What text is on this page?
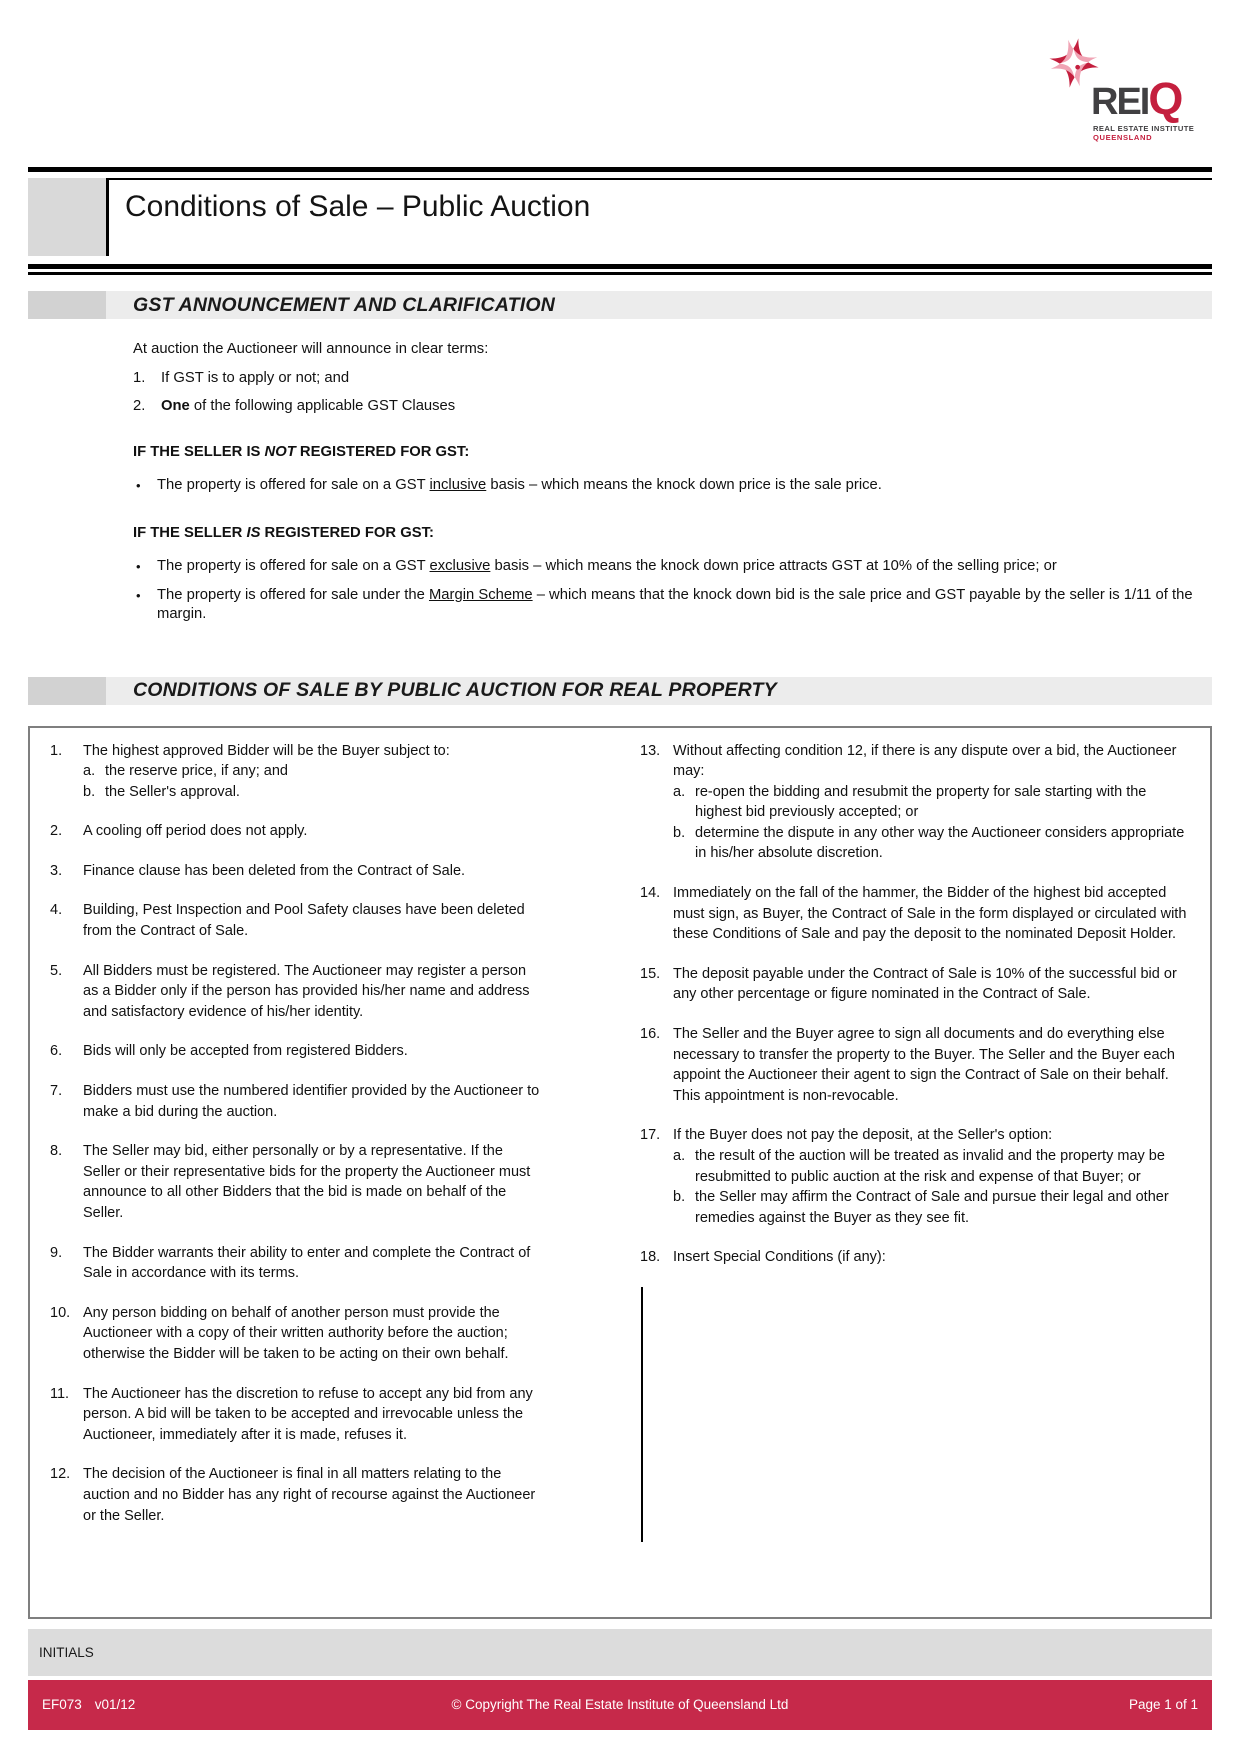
REIQ
REAL ESTATE INSTITUTE
QUEENSLAND
Conditions of Sale – Public Auction
GST ANNOUNCEMENT AND CLARIFICATION
At auction the Auctioneer will announce in clear terms:
1.	If GST is to apply or not; and
2.	One of the following applicable GST Clauses
IF THE SELLER IS NOT REGISTERED FOR GST:
•	The property is offered for sale on a GST inclusive basis – which means the knock down price is the sale price.
IF THE SELLER IS REGISTERED FOR GST:
•	The property is offered for sale on a GST exclusive basis – which means the knock down price attracts GST at 10% of the selling price; or
•	The property is offered for sale under the Margin Scheme – which means that the knock down bid is the sale price and GST payable by the seller is 1/11 of the margin.
CONDITIONS OF SALE BY PUBLIC AUCTION FOR REAL PROPERTY
1.	The highest approved Bidder will be the Buyer subject to:
a. the reserve price, if any; and
b. the Seller's approval.
2.	A cooling off period does not apply.
3.	Finance clause has been deleted from the Contract of Sale.
4.	Building, Pest Inspection and Pool Safety clauses have been deleted from the Contract of Sale.
5.	All Bidders must be registered. The Auctioneer may register a person as a Bidder only if the person has provided his/her name and address and satisfactory evidence of his/her identity.
6.	Bids will only be accepted from registered Bidders.
7.	Bidders must use the numbered identifier provided by the Auctioneer to make a bid during the auction.
8.	The Seller may bid, either personally or by a representative. If the Seller or their representative bids for the property the Auctioneer must announce to all other Bidders that the bid is made on behalf of the Seller.
9.	The Bidder warrants their ability to enter and complete the Contract of Sale in accordance with its terms.
10. Any person bidding on behalf of another person must provide the Auctioneer with a copy of their written authority before the auction; otherwise the Bidder will be taken to be acting on their own behalf.
11. The Auctioneer has the discretion to refuse to accept any bid from any person. A bid will be taken to be accepted and irrevocable unless the Auctioneer, immediately after it is made, refuses it.
12. The decision of the Auctioneer is final in all matters relating to the auction and no Bidder has any right of recourse against the Auctioneer or the Seller.
13. Without affecting condition 12, if there is any dispute over a bid, the Auctioneer may:
a. re-open the bidding and resubmit the property for sale starting with the highest bid previously accepted; or
b. determine the dispute in any other way the Auctioneer considers appropriate in his/her absolute discretion.
14. Immediately on the fall of the hammer, the Bidder of the highest bid accepted must sign, as Buyer, the Contract of Sale in the form displayed or circulated with these Conditions of Sale and pay the deposit to the nominated Deposit Holder.
15. The deposit payable under the Contract of Sale is 10% of the successful bid or any other percentage or figure nominated in the Contract of Sale.
16. The Seller and the Buyer agree to sign all documents and do everything else necessary to transfer the property to the Buyer. The Seller and the Buyer each appoint the Auctioneer their agent to sign the Contract of Sale on their behalf. This appointment is non-revocable.
17. If the Buyer does not pay the deposit, at the Seller's option:
a. the result of the auction will be treated as invalid and the property may be resubmitted to public auction at the risk and expense of that Buyer; or
b. the Seller may affirm the Contract of Sale and pursue their legal and other remedies against the Buyer as they see fit.
18. Insert Special Conditions (if any):
INITIALS
EF073 v01/12	© Copyright The Real Estate Institute of Queensland Ltd	Page 1 of 1
